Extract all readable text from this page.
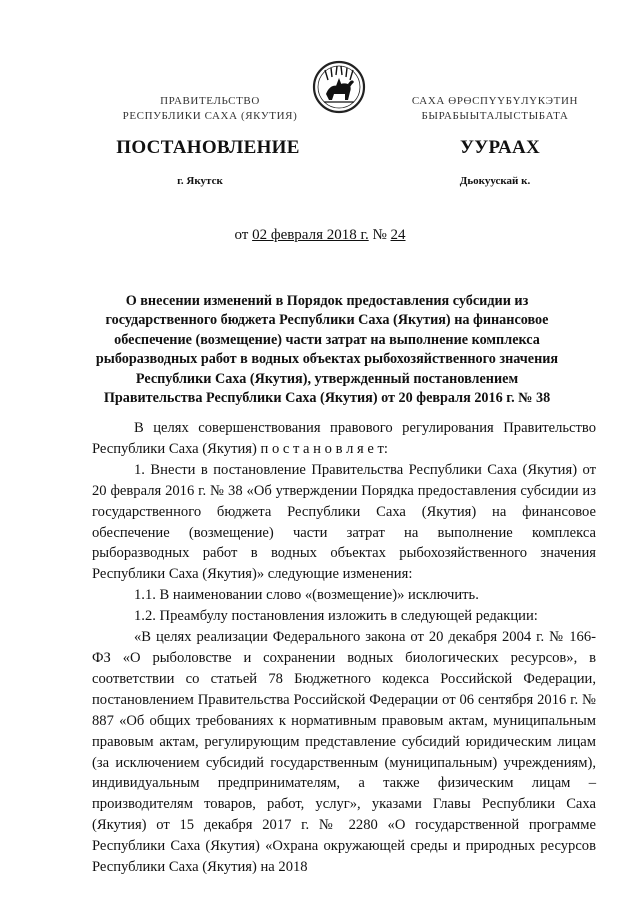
ПРАВИТЕЛЬСТВО
РЕСПУБЛИКИ САХА (ЯКУТИЯ)
САХА ӨРӨСПҮҮБҮЛҮКЭТИН
БЫРАБЫЫТАЛЫСТЫБАТА
ПОСТАНОВЛЕНИЕ	УУРААХ
г. Якутск	Дьокуускай к.
от 02 февраля 2018 г. № 24
О внесении изменений в Порядок предоставления субсидии из государственного бюджета Республики Саха (Якутия) на финансовое обеспечение (возмещение) части затрат на выполнение комплекса рыборазводных работ в водных объектах рыбохозяйственного значения Республики Саха (Якутия), утвержденный постановлением Правительства Республики Саха (Якутия) от 20 февраля 2016 г. № 38

В целях совершенствования правового регулирования Правительство Республики Саха (Якутия) п о с т а н о в л я е т:

1. Внести в постановление Правительства Республики Саха (Якутия) от 20 февраля 2016 г. № 38 «Об утверждении Порядка предоставления субсидии из государственного бюджета Республики Саха (Якутия) на финансовое обеспечение (возмещение) части затрат на выполнение комплекса рыборазводных работ в водных объектах рыбохозяйственного значения Республики Саха (Якутия)» следующие изменения:

1.1. В наименовании слово «(возмещение)» исключить.

1.2. Преамбулу постановления изложить в следующей редакции:

«В целях реализации Федерального закона от 20 декабря 2004 г. № 166-ФЗ «О рыболовстве и сохранении водных биологических ресурсов», в соответствии со статьей 78 Бюджетного кодекса Российской Федерации, постановлением Правительства Российской Федерации от 06 сентября 2016 г. № 887 «Об общих требованиях к нормативным правовым актам, муниципальным правовым актам, регулирующим представление субсидий юридическим лицам (за исключением субсидий государственным (муниципальным) учреждениям), индивидуальным предпринимателям, а также физическим лицам – производителям товаров, работ, услуг», указами Главы Республики Саха (Якутия) от 15 декабря 2017 г. № 2280 «О государственной программе Республики Саха (Якутия) «Охрана окружающей среды и природных ресурсов Республики Саха (Якутия) на 2018
